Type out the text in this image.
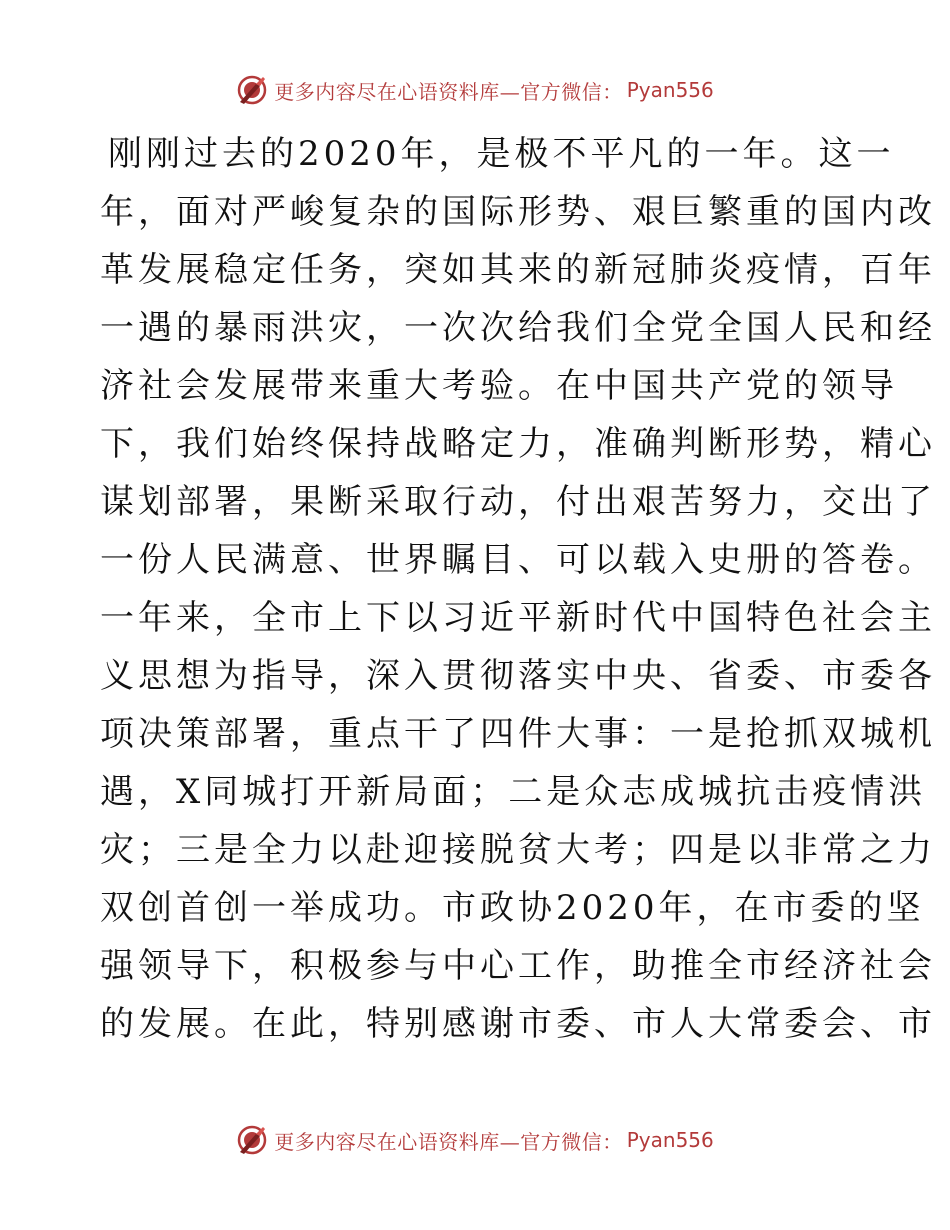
更多内容尽在心语资料库—官方微信： Pyan556
刚刚过去的2020年，是极不平凡的一年。这一
年，面对严峻复杂的国际形势、艰巨繁重的国内改
革发展稳定任务，突如其来的新冠肺炎疫情，百年
一遇的暴雨洪灾，一次次给我们全党全国人民和经
济社会发展带来重大考验。在中国共产党的领导
下，我们始终保持战略定力，准确判断形势，精心
谋划部署，果断采取行动，付出艰苦努力，交出了
一份人民满意、世界瞩目、可以载入史册的答卷。
一年来，全市上下以习近平新时代中国特色社会主
义思想为指导，深入贯彻落实中央、省委、市委各
项决策部署，重点干了四件大事：一是抢抓双城机
遇，X同城打开新局面；二是众志成城抗击疫情洪
灾；三是全力以赴迎接脱贫大考；四是以非常之力
双创首创一举成功。市政协2020年，在市委的坚
强领导下，积极参与中心工作，助推全市经济社会
的发展。在此，特别感谢市委、市人大常委会、市
更多内容尽在心语资料库—官方微信： Pyan556
